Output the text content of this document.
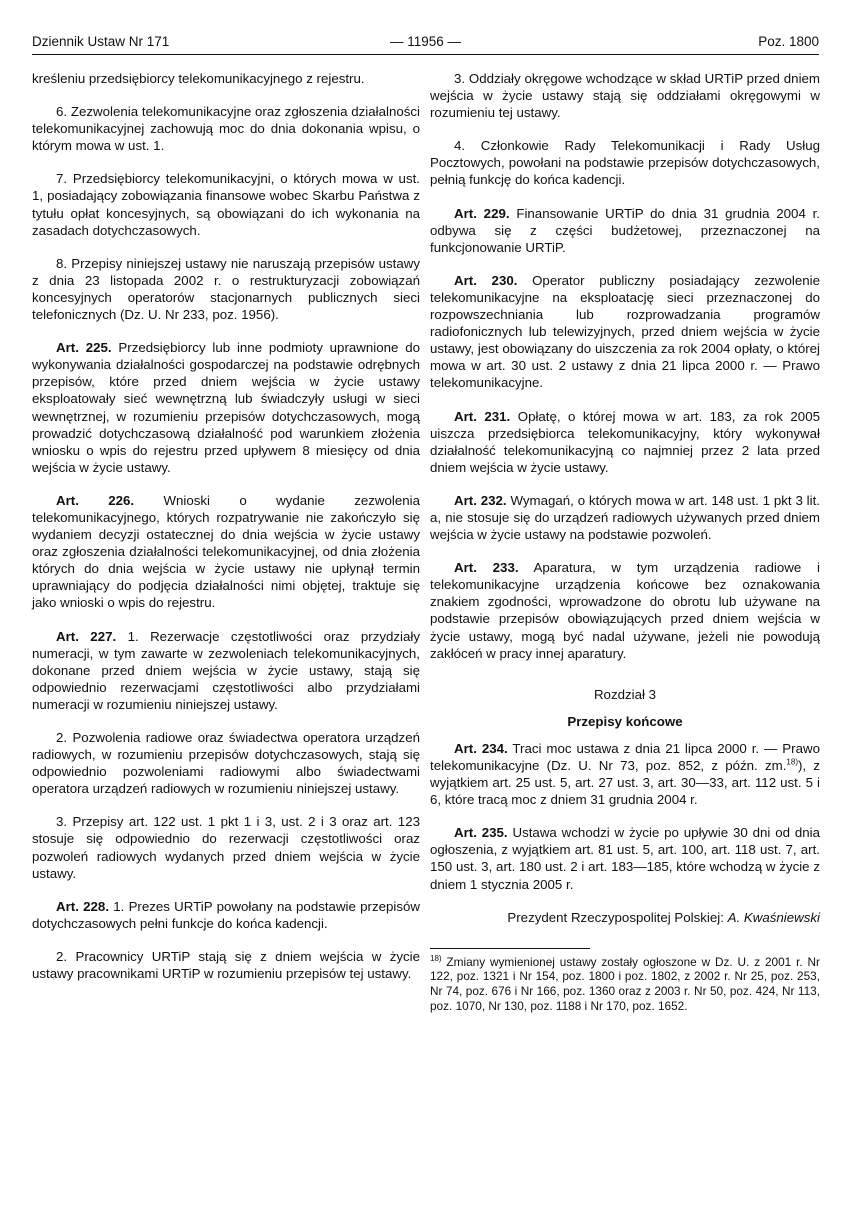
Dziennik Ustaw Nr 171	— 11956 —	Poz. 1800

kreśleniu przedsiębiorcy telekomunikacyjnego z rejestru.

6. Zezwolenia telekomunikacyjne oraz zgłoszenia działalności telekomunikacyjnej zachowują moc do dnia dokonania wpisu, o którym mowa w ust. 1.

7. Przedsiębiorcy telekomunikacyjni, o których mowa w ust. 1, posiadający zobowiązania finansowe wobec Skarbu Państwa z tytułu opłat koncesyjnych, są obowiązani do ich wykonania na zasadach dotychczasowych.

8. Przepisy niniejszej ustawy nie naruszają przepisów ustawy z dnia 23 listopada 2002 r. o restrukturyzacji zobowiązań koncesyjnych operatorów stacjonarnych publicznych sieci telefonicznych (Dz. U. Nr 233, poz. 1956).

Art. 225. Przedsiębiorcy lub inne podmioty uprawnione do wykonywania działalności gospodarczej na podstawie odrębnych przepisów, które przed dniem wejścia w życie ustawy eksploatowały sieć wewnętrzną lub świadczyły usługi w sieci wewnętrznej, w rozumieniu przepisów dotychczasowych, mogą prowadzić dotychczasową działalność pod warunkiem złożenia wniosku o wpis do rejestru przed upływem 8 miesięcy od dnia wejścia w życie ustawy.

Art. 226. Wnioski o wydanie zezwolenia telekomunikacyjnego, których rozpatrywanie nie zakończyło się wydaniem decyzji ostatecznej do dnia wejścia w życie ustawy oraz zgłoszenia działalności telekomunikacyjnej, od dnia złożenia których do dnia wejścia w życie ustawy nie upłynął termin uprawniający do podjęcia działalności nimi objętej, traktuje się jako wnioski o wpis do rejestru.

Art. 227. 1. Rezerwacje częstotliwości oraz przydziały numeracji, w tym zawarte w zezwoleniach telekomunikacyjnych, dokonane przed dniem wejścia w życie ustawy, stają się odpowiednio rezerwacjami częstotliwości albo przydziałami numeracji w rozumieniu niniejszej ustawy.

2. Pozwolenia radiowe oraz świadectwa operatora urządzeń radiowych, w rozumieniu przepisów dotychczasowych, stają się odpowiednio pozwoleniami radiowymi albo świadectwami operatora urządzeń radiowych w rozumieniu niniejszej ustawy.

3. Przepisy art. 122 ust. 1 pkt 1 i 3, ust. 2 i 3 oraz art. 123 stosuje się odpowiednio do rezerwacji częstotliwości oraz pozwoleń radiowych wydanych przed dniem wejścia w życie ustawy.

Art. 228. 1. Prezes URTiP powołany na podstawie przepisów dotychczasowych pełni funkcje do końca kadencji.

2. Pracownicy URTiP stają się z dniem wejścia w życie ustawy pracownikami URTiP w rozumieniu przepisów tej ustawy.

3. Oddziały okręgowe wchodzące w skład URTiP przed dniem wejścia w życie ustawy stają się oddziałami okręgowymi w rozumieniu tej ustawy.

4. Członkowie Rady Telekomunikacji i Rady Usług Pocztowych, powołani na podstawie przepisów dotychczasowych, pełnią funkcję do końca kadencji.

Art. 229. Finansowanie URTiP do dnia 31 grudnia 2004 r. odbywa się z części budżetowej, przeznaczonej na funkcjonowanie URTiP.

Art. 230. Operator publiczny posiadający zezwolenie telekomunikacyjne na eksploatację sieci przeznaczonej do rozpowszechniania lub rozprowadzania programów radiofonicznych lub telewizyjnych, przed dniem wejścia w życie ustawy, jest obowiązany do uiszczenia za rok 2004 opłaty, o której mowa w art. 30 ust. 2 ustawy z dnia 21 lipca 2000 r. — Prawo telekomunikacyjne.

Art. 231. Opłatę, o której mowa w art. 183, za rok 2005 uiszcza przedsiębiorca telekomunikacyjny, który wykonywał działalność telekomunikacyjną co najmniej przez 2 lata przed dniem wejścia w życie ustawy.

Art. 232. Wymagań, o których mowa w art. 148 ust. 1 pkt 3 lit. a, nie stosuje się do urządzeń radiowych używanych przed dniem wejścia w życie ustawy na podstawie pozwoleń.

Art. 233. Aparatura, w tym urządzenia radiowe i telekomunikacyjne urządzenia końcowe bez oznakowania znakiem zgodności, wprowadzone do obrotu lub używane na podstawie przepisów obowiązujących przed dniem wejścia w życie ustawy, mogą być nadal używane, jeżeli nie powodują zakłóceń w pracy innej aparatury.

Rozdział 3

Przepisy końcowe

Art. 234. Traci moc ustawa z dnia 21 lipca 2000 r. — Prawo telekomunikacyjne (Dz. U. Nr 73, poz. 852, z późn. zm.$^{18)}$), z wyjątkiem art. 25 ust. 5, art. 27 ust. 3, art. 30—33, art. 112 ust. 5 i 6, które tracą moc z dniem 31 grudnia 2004 r.

Art. 235. Ustawa wchodzi w życie po upływie 30 dni od dnia ogłoszenia, z wyjątkiem art. 81 ust. 5, art. 100, art. 118 ust. 7, art. 150 ust. 3, art. 180 ust. 2 i art. 183—185, które wchodzą w życie z dniem 1 stycznia 2005 r.

Prezydent Rzeczypospolitej Polskiej: A. Kwaśniewski

$^{18)}$ Zmiany wymienionej ustawy zostały ogłoszone w Dz. U. z 2001 r. Nr 122, poz. 1321 i Nr 154, poz. 1800 i poz. 1802, z 2002 r. Nr 25, poz. 253, Nr 74, poz. 676 i Nr 166, poz. 1360 oraz z 2003 r. Nr 50, poz. 424, Nr 113, poz. 1070, Nr 130, poz. 1188 i Nr 170, poz. 1652.
